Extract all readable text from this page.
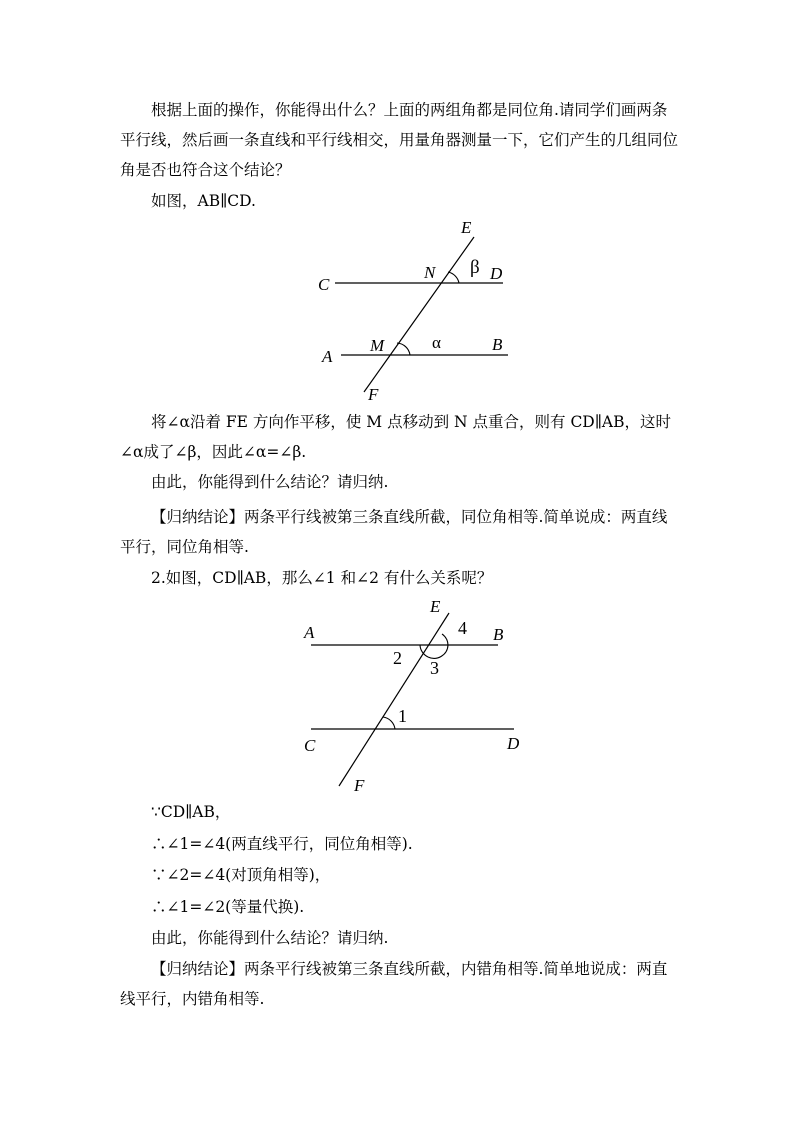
根据上面的操作，你能得出什么？上面的两组角都是同位角.请同学们画两条平行线，然后画一条直线和平行线相交，用量角器测量一下，它们产生的几组同位角是否也符合这个结论？

如图，AB∥CD.

E
N β D
C
M	α	B
A
F

将∠α沿着 FE 方向作平移，使 M 点移动到 N 点重合，则有 CD∥AB，这时∠α成了∠β，因此∠α=∠β.

由此，你能得到什么结论？请归纳.

【归纳结论】两条平行线被第三条直线所截，同位角相等.简单说成：两直线平行，同位角相等.

2.如图，CD∥AB，那么∠1 和∠2 有什么关系呢？

E
4
A	B
2 3
1
C	D
F

∵CD∥AB，

∴∠1=∠4(两直线平行，同位角相等).

∵∠2=∠4(对顶角相等)，

∴∠1=∠2(等量代换).

由此，你能得到什么结论？请归纳.

【归纳结论】两条平行线被第三条直线所截，内错角相等.简单地说成：两直线平行，内错角相等.
